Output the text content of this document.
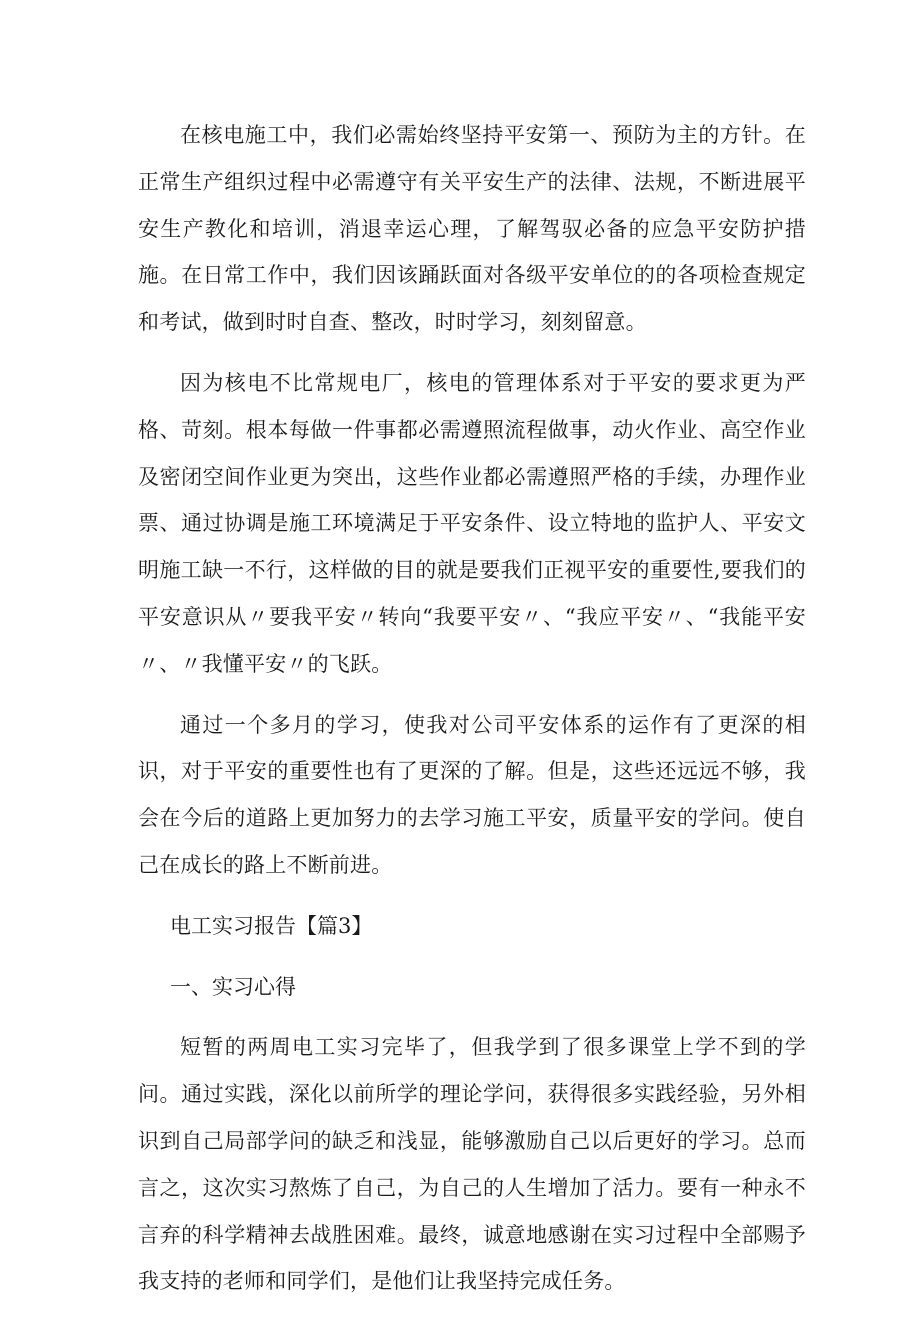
在核电施工中，我们必需始终坚持平安第一、预防为主的方针。在正常生产组织过程中必需遵守有关平安生产的法律、法规，不断进展平安生产教化和培训，消退幸运心理，了解驾驭必备的应急平安防护措施。在日常工作中，我们因该踊跃面对各级平安单位的的各项检查规定和考试，做到时时自查、整改，时时学习，刻刻留意。

因为核电不比常规电厂，核电的管理体系对于平安的要求更为严格、苛刻。根本每做一件事都必需遵照流程做事，动火作业、高空作业及密闭空间作业更为突出，这些作业都必需遵照严格的手续，办理作业票、通过协调是施工环境满足于平安条件、设立特地的监护人、平安文明施工缺一不行，这样做的目的就是要我们正视平安的重要性,要我们的平安意识从〃要我平安〃转向“我要平安〃、“我应平安〃、“我能平安〃、〃我懂平安〃的飞跃。

通过一个多月的学习，使我对公司平安体系的运作有了更深的相识，对于平安的重要性也有了更深的了解。但是，这些还远远不够，我会在今后的道路上更加努力的去学习施工平安，质量平安的学问。使自己在成长的路上不断前进。

电工实习报告【篇3】

一、实习心得

短暂的两周电工实习完毕了，但我学到了很多课堂上学不到的学问。通过实践，深化以前所学的理论学问，获得很多实践经验，另外相识到自己局部学问的缺乏和浅显，能够激励自己以后更好的学习。总而言之，这次实习熬炼了自己，为自己的人生增加了活力。要有一种永不言弃的科学精神去战胜困难。最终，诚意地感谢在实习过程中全部赐予我支持的老师和同学们，是他们让我坚持完成任务。
